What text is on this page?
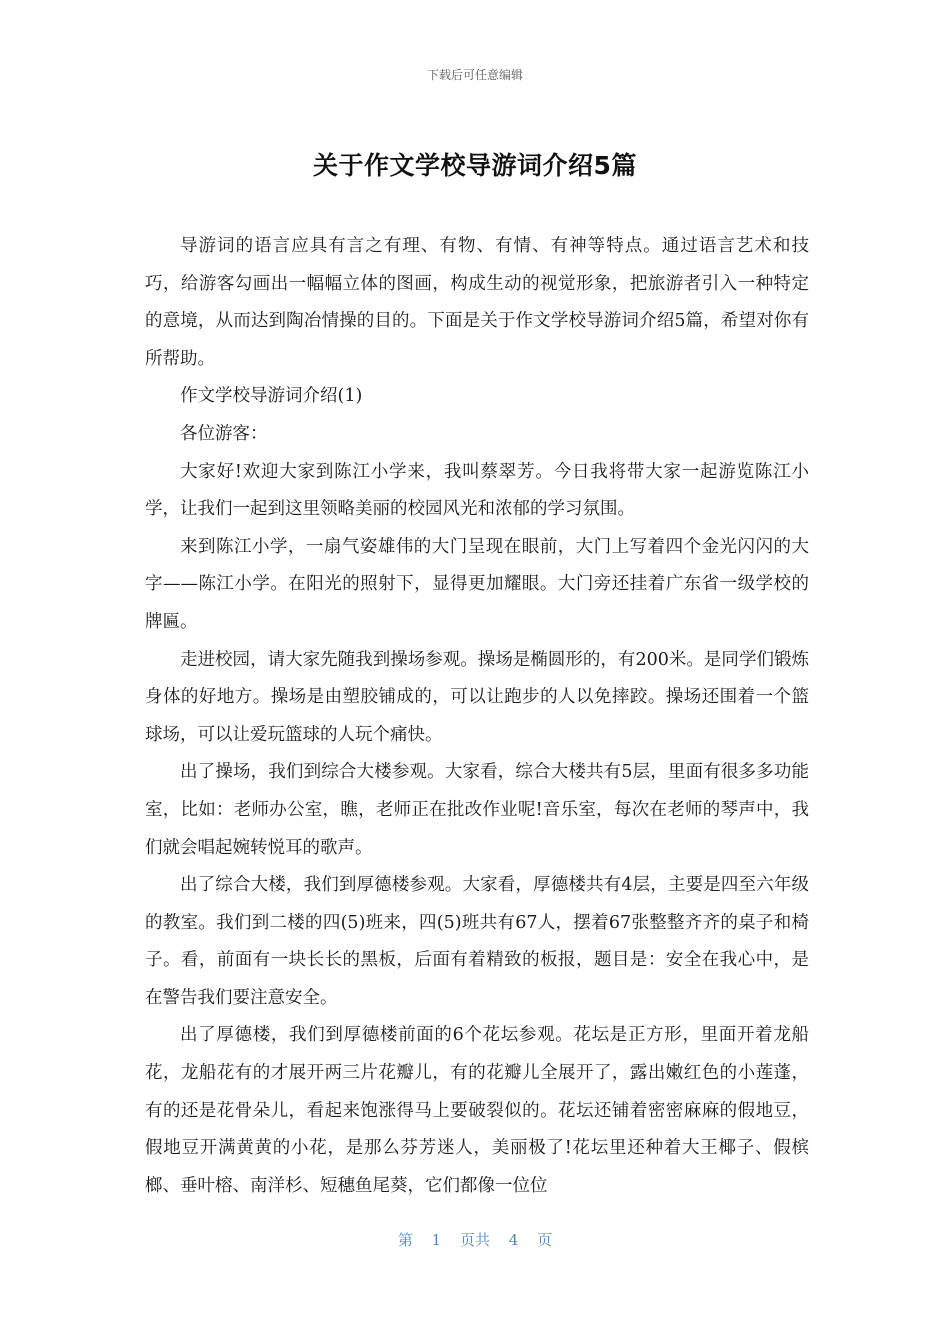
下载后可任意编辑
关于作文学校导游词介绍5篇

导游词的语言应具有言之有理、有物、有情、有神等特点。通过语言艺术和技巧，给游客勾画出一幅幅立体的图画，构成生动的视觉形象，把旅游者引入一种特定的意境，从而达到陶冶情操的目的。下面是关于作文学校导游词介绍5篇，希望对你有所帮助。

作文学校导游词介绍(1)

各位游客：

大家好!欢迎大家到陈江小学来，我叫蔡翠芳。今日我将带大家一起游览陈江小学，让我们一起到这里领略美丽的校园风光和浓郁的学习氛围。

来到陈江小学，一扇气姿雄伟的大门呈现在眼前，大门上写着四个金光闪闪的大字——陈江小学。在阳光的照射下，显得更加耀眼。大门旁还挂着广东省一级学校的牌匾。

走进校园，请大家先随我到操场参观。操场是椭圆形的，有200米。是同学们锻炼身体的好地方。操场是由塑胶铺成的，可以让跑步的人以免摔跤。操场还围着一个篮球场，可以让爱玩篮球的人玩个痛快。

出了操场，我们到综合大楼参观。大家看，综合大楼共有5层，里面有很多多功能室，比如：老师办公室，瞧，老师正在批改作业呢!音乐室，每次在老师的琴声中，我们就会唱起婉转悦耳的歌声。

出了综合大楼，我们到厚德楼参观。大家看，厚德楼共有4层，主要是四至六年级的教室。我们到二楼的四(5)班来，四(5)班共有67人，摆着67张整整齐齐的桌子和椅子。看，前面有一块长长的黑板，后面有着精致的板报，题目是：安全在我心中，是在警告我们要注意安全。

出了厚德楼，我们到厚德楼前面的6个花坛参观。花坛是正方形，里面开着龙船花，龙船花有的才展开两三片花瓣儿，有的花瓣儿全展开了，露出嫩红色的小莲蓬，有的还是花骨朵儿，看起来饱涨得马上要破裂似的。花坛还铺着密密麻麻的假地豆，假地豆开满黄黄的小花，是那么芬芳迷人，美丽极了!花坛里还种着大王椰子、假槟榔、垂叶榕、南洋杉、短穗鱼尾葵，它们都像一位位

第 1 页共 4 页
